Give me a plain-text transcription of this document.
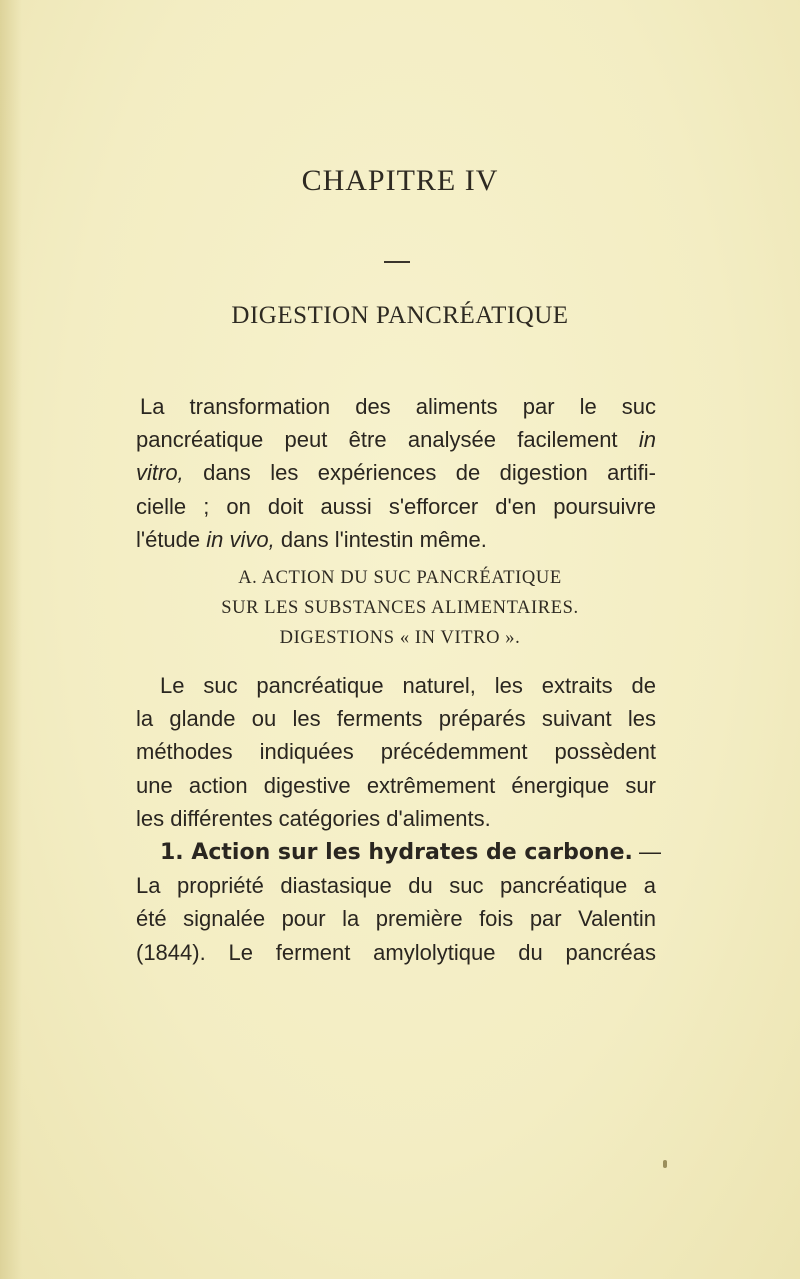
CHAPITRE IV
DIGESTION PANCRÉATIQUE
La transformation des aliments par le suc
pancréatique peut être analysée facilement in
vitro, dans les expériences de digestion artifi-
cielle ; on doit aussi s'efforcer d'en poursuivre
l'étude in vivo, dans l'intestin même.
A. ACTION DU SUC PANCRÉATIQUE
SUR LES SUBSTANCES ALIMENTAIRES.
DIGESTIONS « IN VITRO ».
Le suc pancréatique naturel, les extraits de
la glande ou les ferments préparés suivant les
méthodes indiquées précédemment possèdent
une action digestive extrêmement énergique sur
les différentes catégories d'aliments.
1. Action sur les hydrates de carbone. —
La propriété diastasique du suc pancréatique a
été signalée pour la première fois par Valentin
(1844). Le ferment amylolytique du pancréas
